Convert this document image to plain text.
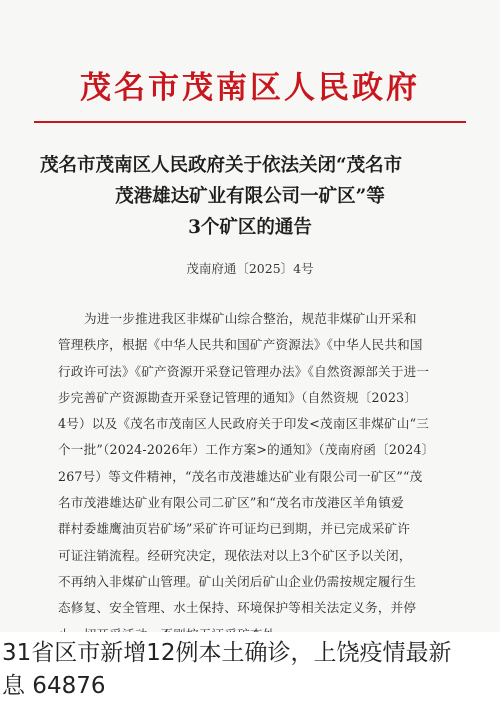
茂名市茂南区人民政府
茂名市茂南区人民政府关于依法关闭“茂名市
茂港雄达矿业有限公司一矿区”等
3个矿区的通告
茂南府通〔2025〕4号
为进一步推进我区非煤矿山综合整治，规范非煤矿山开采和
管理秩序，根据《中华人民共和国矿产资源法》《中华人民共和国
行政许可法》《矿产资源开采登记管理办法》《自然资源部关于进一
步完善矿产资源勘查开采登记管理的通知》（自然资规〔2023〕
4号）以及《茂名市茂南区人民政府关于印发<茂南区非煤矿山“三
个一批”（2024-2026年）工作方案>的通知》（茂南府函〔2024〕
267号）等文件精神，“茂名市茂港雄达矿业有限公司一矿区”“茂
名市茂港雄达矿业有限公司二矿区”和“茂名市茂港区羊角镇爱
群村委雄鹰油页岩矿场”采矿许可证均已到期，并已完成采矿许
可证注销流程。经研究决定，现依法对以上3个矿区予以关闭，
不再纳入非煤矿山管理。矿山关闭后矿山企业仍需按规定履行生
态修复、安全管理、水土保持、环境保护等相关法定义务，并停
31省区市新增12例本土确诊，上饶疫情最新
息 64876
